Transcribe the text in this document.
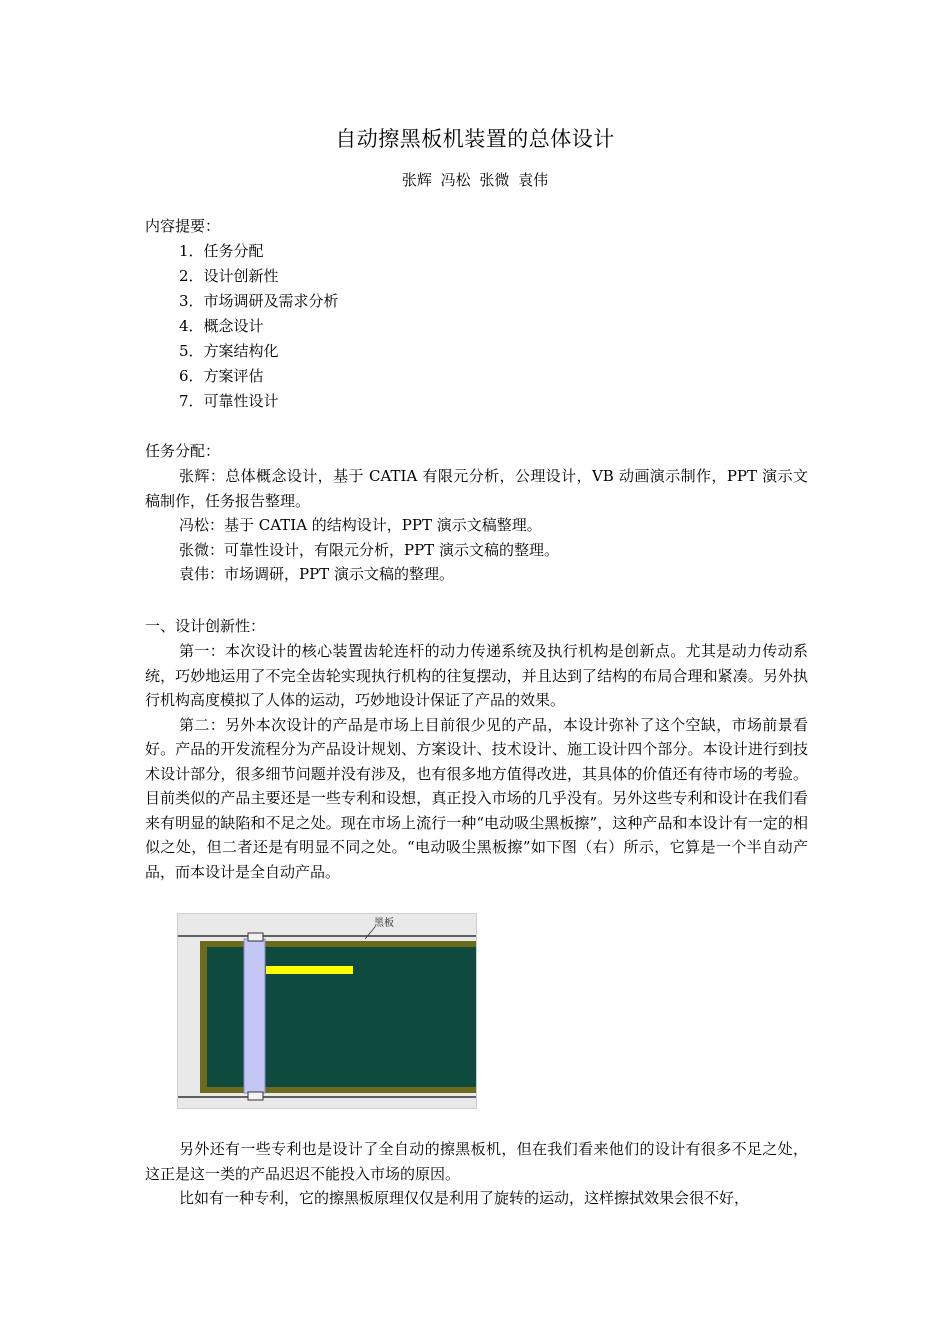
自动擦黑板机装置的总体设计
张辉 冯松 张微 袁伟
内容提要：
1．任务分配
2．设计创新性
3．市场调研及需求分析
4．概念设计
5．方案结构化
6．方案评估
7．可靠性设计
任务分配：
张辉：总体概念设计，基于 CATIA 有限元分析，公理设计，VB 动画演示制作，PPT 演示文稿制作，任务报告整理。
冯松：基于 CATIA 的结构设计，PPT 演示文稿整理。
张微：可靠性设计，有限元分析，PPT 演示文稿的整理。
袁伟：市场调研，PPT 演示文稿的整理。
一、设计创新性：
第一：本次设计的核心装置齿轮连杆的动力传递系统及执行机构是创新点。尤其是动力传动系统，巧妙地运用了不完全齿轮实现执行机构的往复摆动，并且达到了结构的布局合理和紧凑。另外执行机构高度模拟了人体的运动，巧妙地设计保证了产品的效果。
第二：另外本次设计的产品是市场上目前很少见的产品，本设计弥补了这个空缺，市场前景看好。产品的开发流程分为产品设计规划、方案设计、技术设计、施工设计四个部分。本设计进行到技术设计部分，很多细节问题并没有涉及，也有很多地方值得改进，其具体的价值还有待市场的考验。目前类似的产品主要还是一些专利和设想，真正投入市场的几乎没有。另外这些专利和设计在我们看来有明显的缺陷和不足之处。现在市场上流行一种“电动吸尘黑板擦”，这种产品和本设计有一定的相似之处，但二者还是有明显不同之处。“电动吸尘黑板擦”如下图（右）所示，它算是一个半自动产品，而本设计是全自动产品。
黑板
另外还有一些专利也是设计了全自动的擦黑板机，但在我们看来他们的设计有很多不足之处，这正是这一类的产品迟迟不能投入市场的原因。
比如有一种专利，它的擦黑板原理仅仅是利用了旋转的运动，这样擦拭效果会很不好，
